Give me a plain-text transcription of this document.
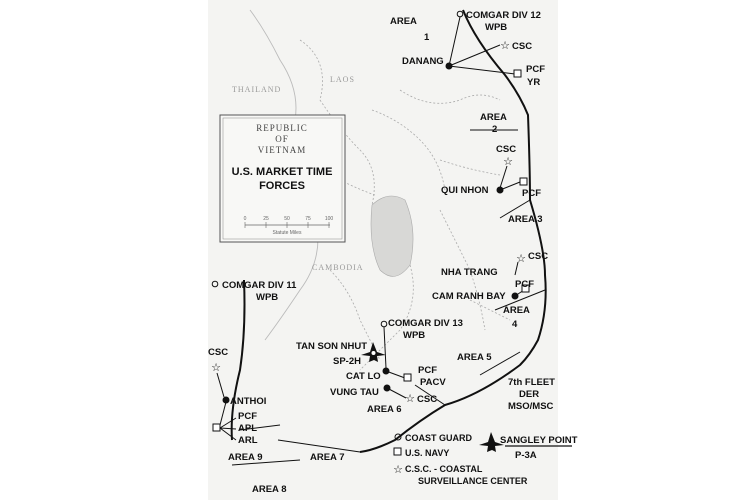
THAILAND
LAOS
CAMBODIA
REPUBLIC
OF
VIETNAM
U.S. MARKET TIME
FORCES
0	25	50	75	100
Statute Miles
AREA
1
AREA
2
AREA 3
AREA
4
AREA 5
AREA 6
AREA 7
AREA 8
AREA 9
COMGAR DIV 12
WPB
☆ CSC
DANANG
PCF
YR
☆
CSC
QUI NHON	PCF
☆ CSC
NHA TRANG
CAM RANH BAY
PCF
COMGAR DIV 11
WPB
COMGAR DIV 13
WPB
TAN SON NHUT
SP-2H
CAT LO
PCF
PACV
VUNG TAU
☆ CSC
CSC
☆
ANTHOI
PCF
APL
ARL
7th FLEET
DER
MSO/MSC
SANGLEY POINT
P-3A
COAST GUARD
U.S. NAVY
☆ C.S.C. - COASTAL
SURVEILLANCE CENTER
